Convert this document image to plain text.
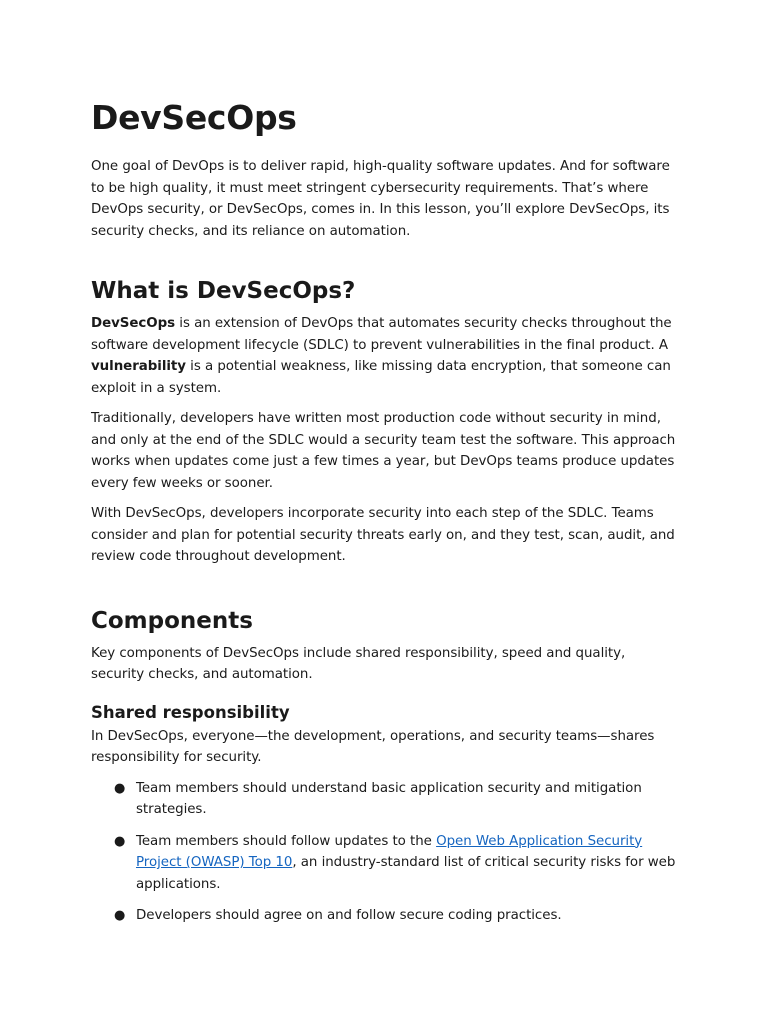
DevSecOps

One goal of DevOps is to deliver rapid, high-quality software updates. And for software to be high quality, it must meet stringent cybersecurity requirements. That’s where DevOps security, or DevSecOps, comes in. In this lesson, you’ll explore DevSecOps, its security checks, and its reliance on automation.

What is DevSecOps?

DevSecOps is an extension of DevOps that automates security checks throughout the software development lifecycle (SDLC) to prevent vulnerabilities in the final product. A vulnerability is a potential weakness, like missing data encryption, that someone can exploit in a system.

Traditionally, developers have written most production code without security in mind, and only at the end of the SDLC would a security team test the software. This approach works when updates come just a few times a year, but DevOps teams produce updates every few weeks or sooner.

With DevSecOps, developers incorporate security into each step of the SDLC. Teams consider and plan for potential security threats early on, and they test, scan, audit, and review code throughout development.

Components

Key components of DevSecOps include shared responsibility, speed and quality, security checks, and automation.

Shared responsibility

In DevSecOps, everyone—the development, operations, and security teams—shares responsibility for security.

● Team members should understand basic application security and mitigation strategies.
● Team members should follow updates to the Open Web Application Security Project (OWASP) Top 10, an industry-standard list of critical security risks for web applications.
● Developers should agree on and follow secure coding practices.
